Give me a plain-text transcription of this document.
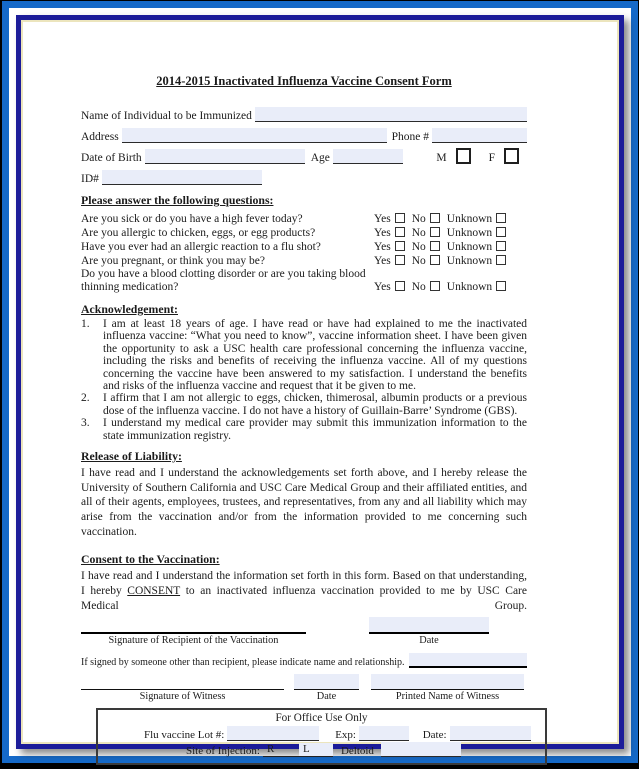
2014-2015 Inactivated Influenza Vaccine Consent Form
Name of Individual to be Immunized
Address	Phone #
Date of Birth	Age	M	F
ID#
Please answer the following questions:
Are you sick or do you have a high fever today?	Yes No Unknown
Are you allergic to chicken, eggs, or egg products?	Yes No Unknown
Have you ever had an allergic reaction to a flu shot?	Yes No Unknown
Are you pregnant, or think you may be?	Yes No Unknown
Do you have a blood clotting disorder or are you taking blood thinning medication?	Yes No Unknown
Acknowledgement:
1.	I am at least 18 years of age. I have read or have had explained to me the inactivated influenza vaccine: “What you need to know”, vaccine information sheet. I have been given the opportunity to ask a USC health care professional concerning the influenza vaccine, including the risks and benefits of receiving the influenza vaccine. All of my questions concerning the vaccine have been answered to my satisfaction. I understand the benefits and risks of the influenza vaccine and request that it be given to me.
2.	I affirm that I am not allergic to eggs, chicken, thimerosal, albumin products or a previous dose of the influenza vaccine. I do not have a history of Guillain-Barre’ Syndrome (GBS).
3.	I understand my medical care provider may submit this immunization information to the state immunization registry.
Release of Liability:
I have read and I understand the acknowledgements set forth above, and I hereby release the University of Southern California and USC Care Medical Group and their affiliated entities, and all of their agents, employees, trustees, and representatives, from any and all liability which may arise from the vaccination and/or from the information provided to me concerning such vaccination.
Consent to the Vaccination:
I have read and I understand the information set forth in this form. Based on that understanding, I hereby CONSENT to an inactivated influenza vaccination provided to me by USC Care Medical Group.
Signature of Recipient of the Vaccination	Date
If signed by someone other than recipient, please indicate name and relationship.
Signature of Witness	Date	Printed Name of Witness
For Office Use Only
Flu vaccine Lot #:	Exp:	Date:
Site of Injection: R	L	Deltoid
